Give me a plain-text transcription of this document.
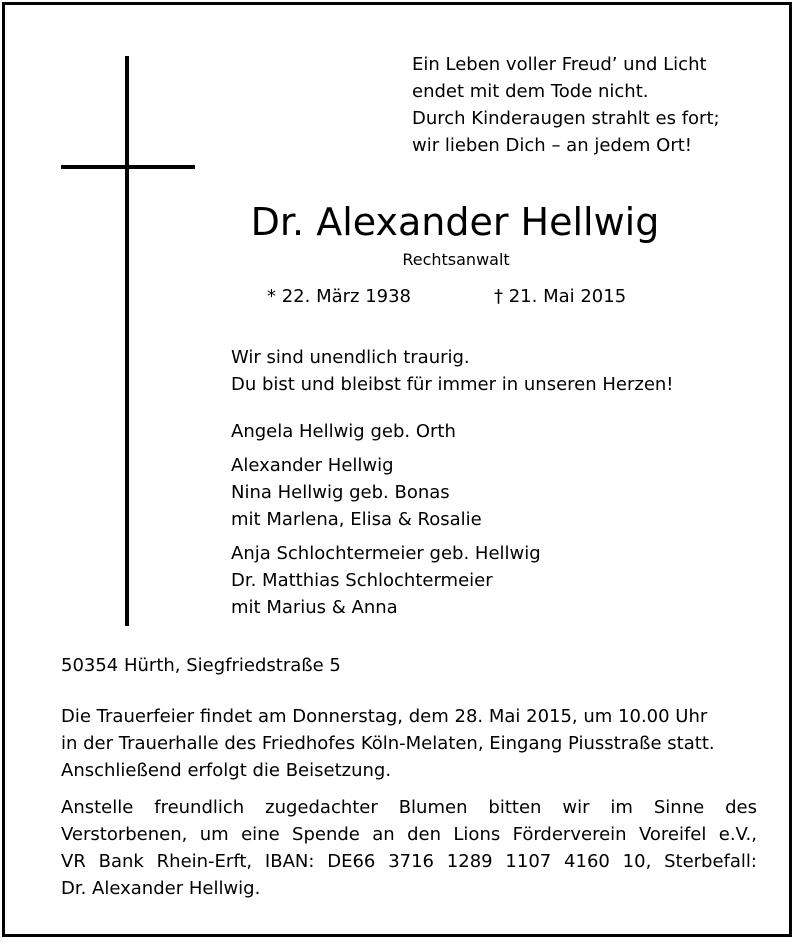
Ein Leben voller Freud’ und Licht
endet mit dem Tode nicht.
Durch Kinderaugen strahlt es fort;
wir lieben Dich – an jedem Ort!
Dr. Alexander Hellwig
Rechtsanwalt
* 22. März 1938	† 21. Mai 2015
Wir sind unendlich traurig.
Du bist und bleibst für immer in unseren Herzen!
Angela Hellwig geb. Orth
Alexander Hellwig
Nina Hellwig geb. Bonas
mit Marlena, Elisa & Rosalie
Anja Schlochtermeier geb. Hellwig
Dr. Matthias Schlochtermeier
mit Marius & Anna
50354 Hürth, Siegfriedstraße 5
Die Trauerfeier findet am Donnerstag, dem 28. Mai 2015, um 10.00 Uhr
in der Trauerhalle des Friedhofes Köln-Melaten, Eingang Piusstraße statt.
Anschließend erfolgt die Beisetzung.
Anstelle freundlich zugedachter Blumen bitten wir im Sinne des
Verstorbenen, um eine Spende an den Lions Förderverein Voreifel e.V.,
VR Bank Rhein-Erft, IBAN: DE66 3716 1289 1107 4160 10, Sterbefall:
Dr. Alexander Hellwig.
